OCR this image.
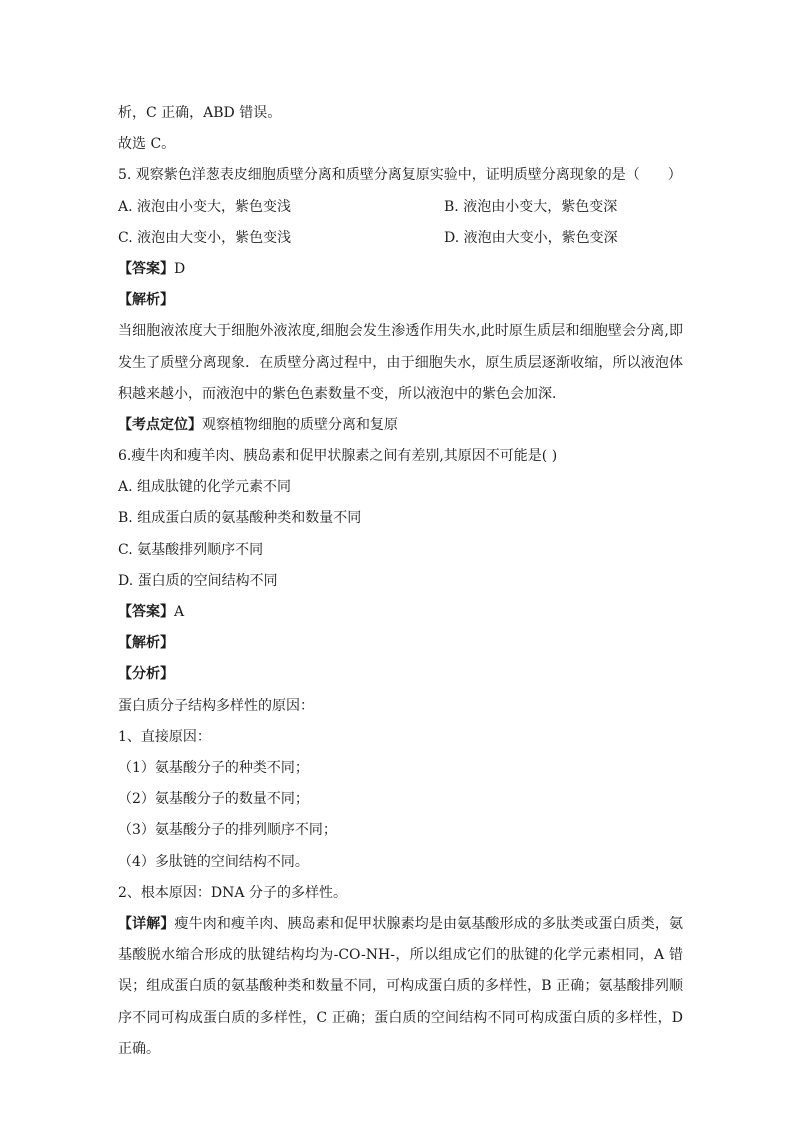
析，C 正确，ABD 错误。
故选 C。
5. 观察紫色洋葱表皮细胞质壁分离和质壁分离复原实验中，证明质壁分离现象的是（　　）
A. 液泡由小变大，紫色变浅	B. 液泡由小变大，紫色变深
C. 液泡由大变小，紫色变浅	D. 液泡由大变小，紫色变深
【答案】D
【解析】
当细胞液浓度大于细胞外液浓度,细胞会发生渗透作用失水,此时原生质层和细胞壁会分离,即发生了质壁分离现象．在质壁分离过程中，由于细胞失水，原生质层逐渐收缩，所以液泡体积越来越小，而液泡中的紫色色素数量不变，所以液泡中的紫色会加深．
【考点定位】观察植物细胞的质壁分离和复原
6.瘦牛肉和瘦羊肉、胰岛素和促甲状腺素之间有差别,其原因不可能是( )
A. 组成肽键的化学元素不同
B. 组成蛋白质的氨基酸种类和数量不同
C. 氨基酸排列顺序不同
D. 蛋白质的空间结构不同
【答案】A
【解析】
【分析】
蛋白质分子结构多样性的原因：
1、直接原因：
（1）氨基酸分子的种类不同；
（2）氨基酸分子的数量不同；
（3）氨基酸分子的排列顺序不同；
（4）多肽链的空间结构不同。
2、根本原因：DNA 分子的多样性。
【详解】瘦牛肉和瘦羊肉、胰岛素和促甲状腺素均是由氨基酸形成的多肽类或蛋白质类，氨基酸脱水缩合形成的肽键结构均为-CO-NH-，所以组成它们的肽键的化学元素相同，A 错误；组成蛋白质的氨基酸种类和数量不同，可构成蛋白质的多样性，B 正确；氨基酸排列顺序不同可构成蛋白质的多样性，C 正确；蛋白质的空间结构不同可构成蛋白质的多样性，D 正确。
